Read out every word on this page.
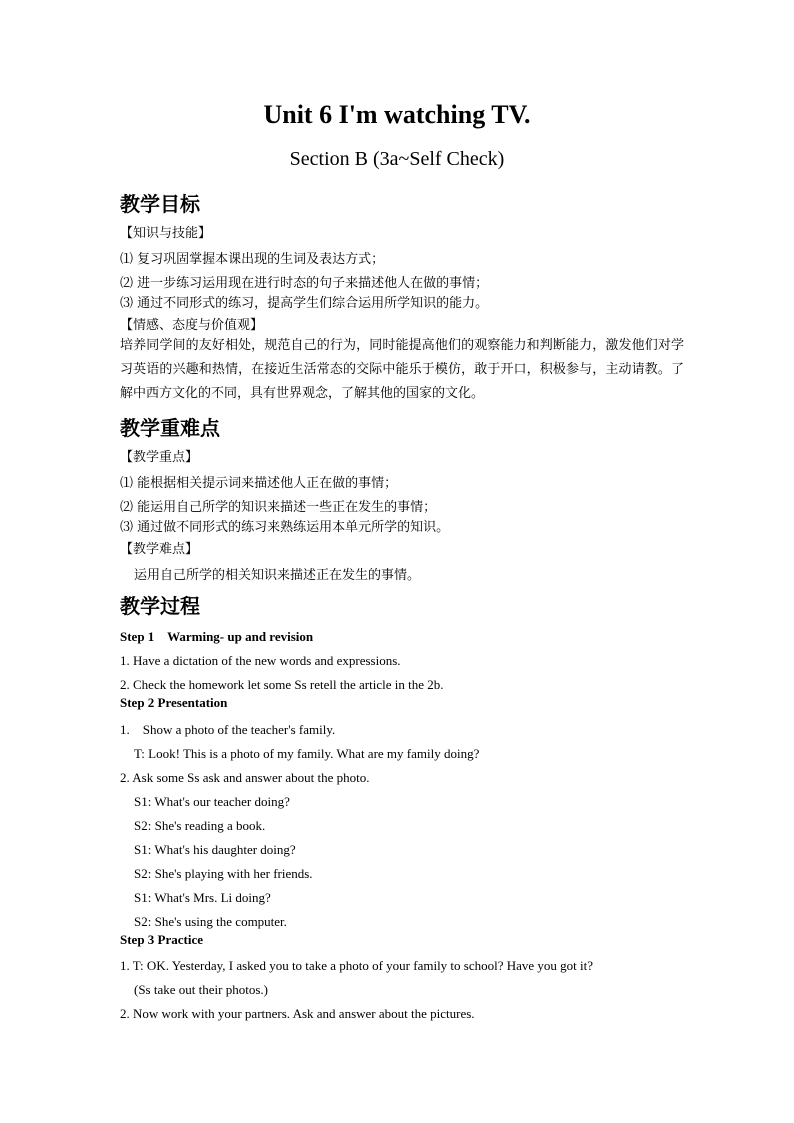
Unit 6 I'm watching TV.
Section B (3a~Self Check)
教学目标
【知识与技能】
⑴ 复习巩固掌握本课出现的生词及表达方式；
⑵ 进一步练习运用现在进行时态的句子来描述他人在做的事情；
⑶ 通过不同形式的练习，提高学生们综合运用所学知识的能力。
【情感、态度与价值观】
培养同学间的友好相处，规范自己的行为，同时能提高他们的观察能力和判断能力，激发他们对学习英语的兴趣和热情，在接近生活常态的交际中能乐于模仿，敢于开口，积极参与，主动请教。了解中西方文化的不同，具有世界观念，了解其他的国家的文化。
教学重难点
【教学重点】
⑴ 能根据相关提示词来描述他人正在做的事情；
⑵ 能运用自己所学的知识来描述一些正在发生的事情；
⑶ 通过做不同形式的练习来熟练运用本单元所学的知识。
【教学难点】
运用自己所学的相关知识来描述正在发生的事情。
教学过程
Step 1    Warming- up and revision
1. Have a dictation of the new words and expressions.
2. Check the homework let some Ss retell the article in the 2b.
Step 2 Presentation
1.    Show a photo of the teacher's family.
T: Look! This is a photo of my family. What are my family doing?
2. Ask some Ss ask and answer about the photo.
S1: What's our teacher doing?
S2: She's reading a book.
S1: What's his daughter doing?
S2: She's playing with her friends.
S1: What's Mrs. Li doing?
S2: She's using the computer.
Step 3 Practice
1. T: OK. Yesterday, I asked you to take a photo of your family to school? Have you got it?
(Ss take out their photos.)
2. Now work with your partners. Ask and answer about the pictures.
